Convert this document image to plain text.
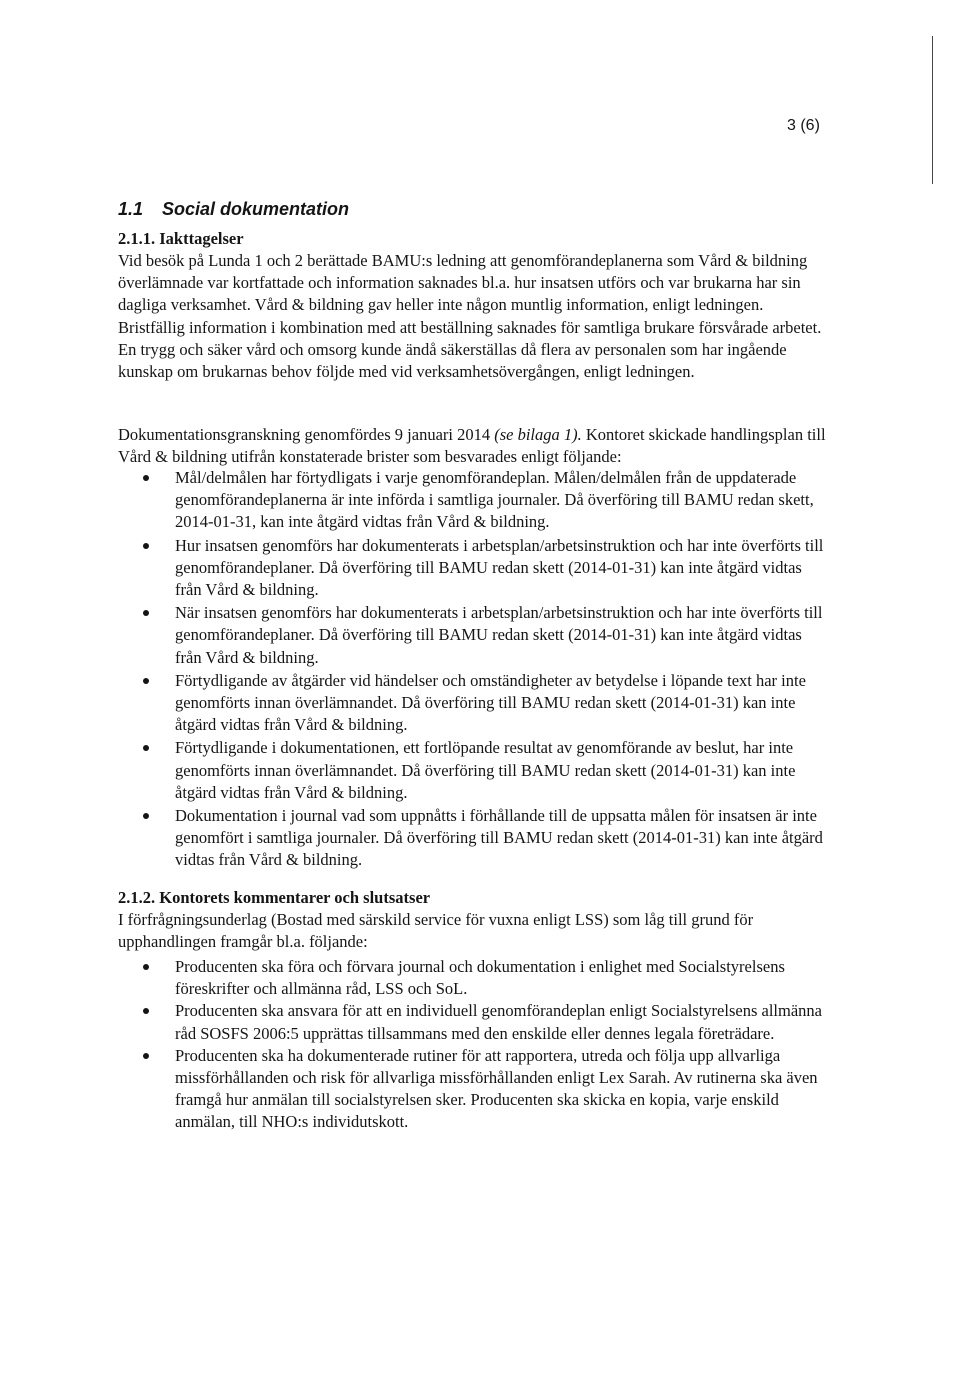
3 (6)
1.1 Social dokumentation
2.1.1. Iakttagelser
Vid besök på Lunda 1 och 2 berättade BAMU:s ledning att genomförandeplanerna som Vård & bildning överlämnade var kortfattade och information saknades bl.a. hur insatsen utförs och var brukarna har sin dagliga verksamhet. Vård & bildning gav heller inte någon muntlig information, enligt ledningen. Bristfällig information i kombination med att beställning saknades för samtliga brukare försvårade arbetet. En trygg och säker vård och omsorg kunde ändå säkerställas då flera av personalen som har ingående kunskap om brukarnas behov följde med vid verksamhetsövergången, enligt ledningen.
Dokumentationsgranskning genomfördes 9 januari 2014 (se bilaga 1). Kontoret skickade handlingsplan till Vård & bildning utifrån konstaterade brister som besvarades enligt följande:
Mål/delmålen har förtydligats i varje genomförandeplan. Målen/delmålen från de uppdaterade genomförandeplanerna är inte införda i samtliga journaler. Då överföring till BAMU redan skett, 2014-01-31, kan inte åtgärd vidtas från Vård & bildning.
Hur insatsen genomförs har dokumenterats i arbetsplan/arbetsinstruktion och har inte överförts till genomförandeplaner. Då överföring till BAMU redan skett (2014-01-31) kan inte åtgärd vidtas från Vård & bildning.
När insatsen genomförs har dokumenterats i arbetsplan/arbetsinstruktion och har inte överförts till genomförandeplaner. Då överföring till BAMU redan skett (2014-01-31) kan inte åtgärd vidtas från Vård & bildning.
Förtydligande av åtgärder vid händelser och omständigheter av betydelse i löpande text har inte genomförts innan överlämnandet. Då överföring till BAMU redan skett (2014-01-31) kan inte åtgärd vidtas från Vård & bildning.
Förtydligande i dokumentationen, ett fortlöpande resultat av genomförande av beslut, har inte genomförts innan överlämnandet. Då överföring till BAMU redan skett (2014-01-31) kan inte åtgärd vidtas från Vård & bildning.
Dokumentation i journal vad som uppnåtts i förhållande till de uppsatta målen för insatsen är inte genomfört i samtliga journaler. Då överföring till BAMU redan skett (2014-01-31) kan inte åtgärd vidtas från Vård & bildning.
2.1.2. Kontorets kommentarer och slutsatser
I förfrågningsunderlag (Bostad med särskild service för vuxna enligt LSS) som låg till grund för upphandlingen framgår bl.a. följande:
Producenten ska föra och förvara journal och dokumentation i enlighet med Socialstyrelsens föreskrifter och allmänna råd, LSS och SoL.
Producenten ska ansvara för att en individuell genomförandeplan enligt Socialstyrelsens allmänna råd SOSFS 2006:5 upprättas tillsammans med den enskilde eller dennes legala företrädare.
Producenten ska ha dokumenterade rutiner för att rapportera, utreda och följa upp allvarliga missförhållanden och risk för allvarliga missförhållanden enligt Lex Sarah. Av rutinerna ska även framgå hur anmälan till socialstyrelsen sker. Producenten ska skicka en kopia, varje enskild anmälan, till NHO:s individutskott.
